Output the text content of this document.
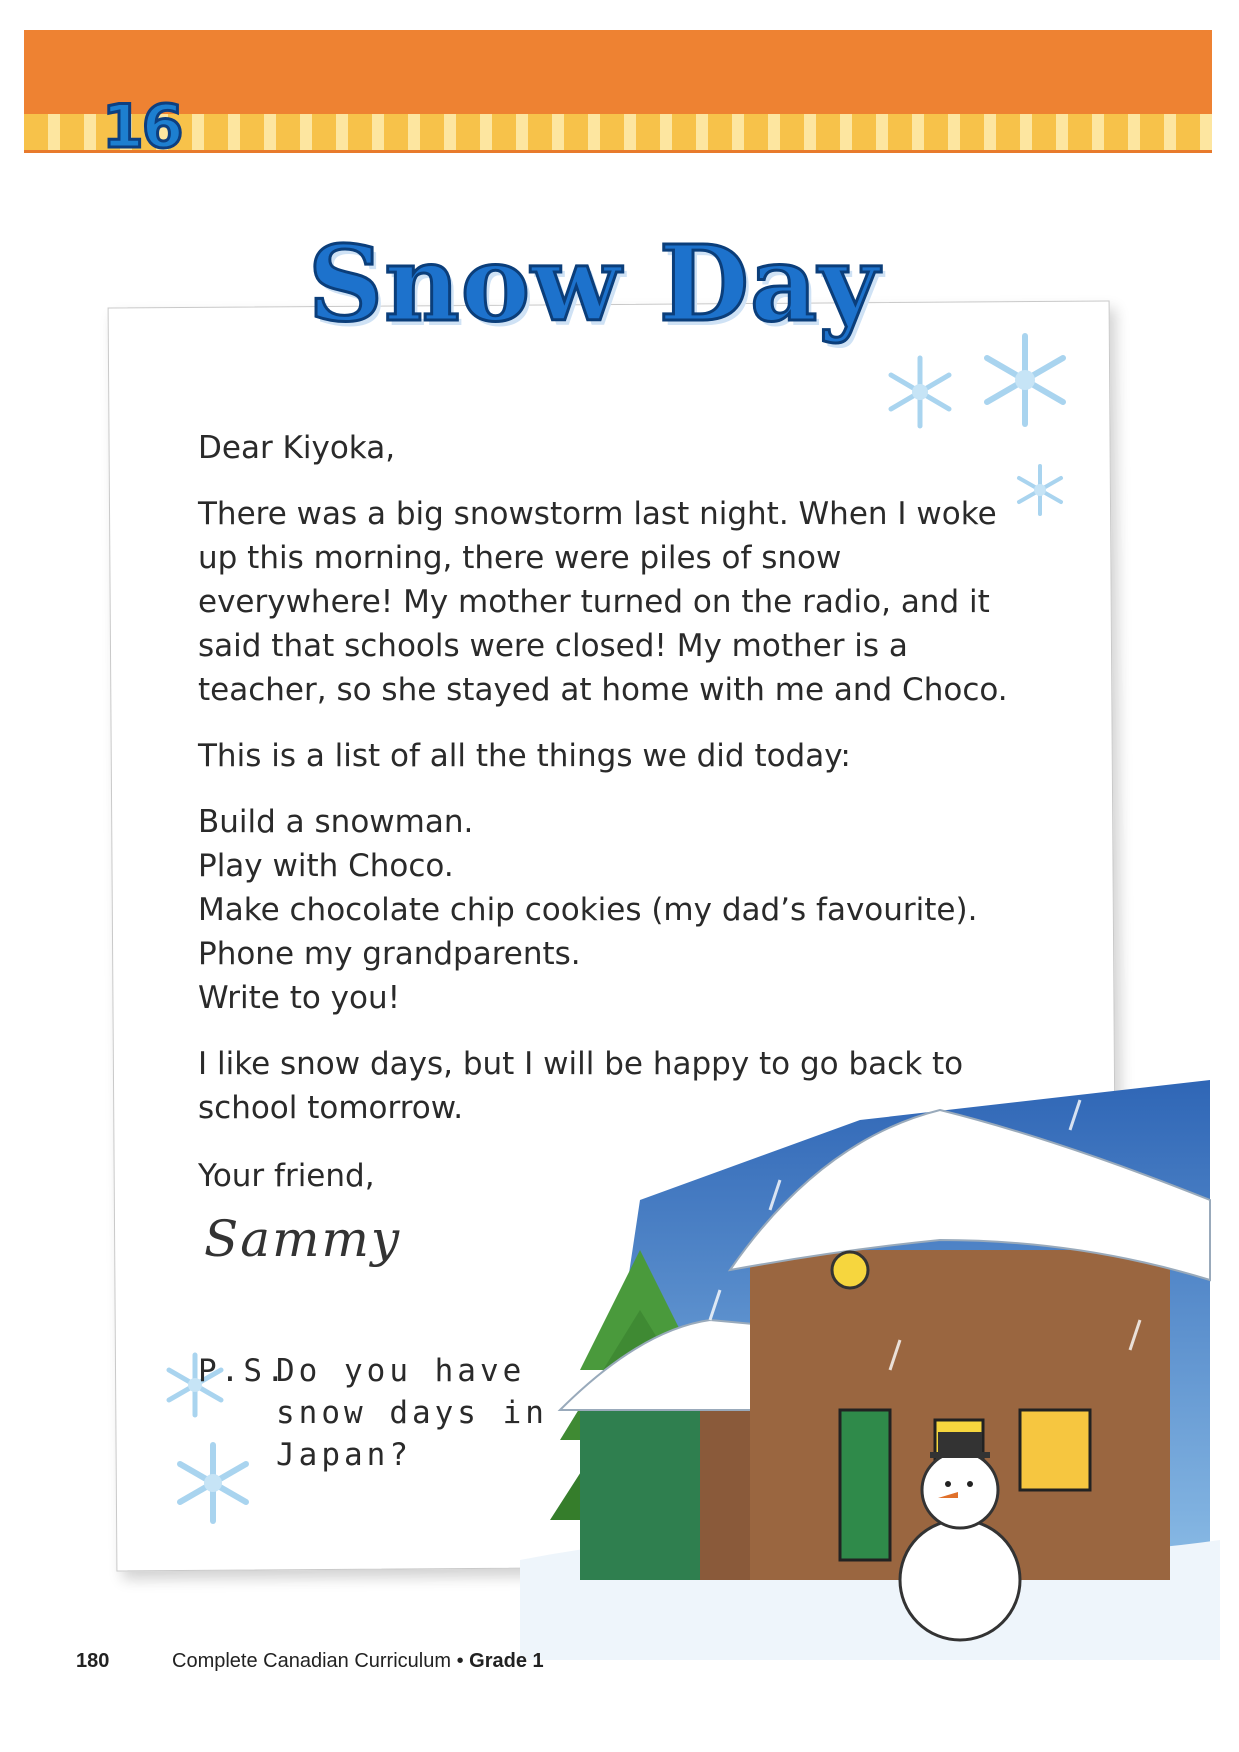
16
Snow Day

Dear Kiyoka,

There was a big snowstorm last night. When I woke up this morning, there were piles of snow everywhere! My mother turned on the radio, and it said that schools were closed! My mother is a teacher, so she stayed at home with me and Choco.

This is a list of all the things we did today:

Build a snowman.
Play with Choco.
Make chocolate chip cookies (my dad’s favourite).
Phone my grandparents.
Write to you!

I like snow days, but I will be happy to go back to school tomorrow.

Your friend,
Sammy
P.S.
Do you have snow days in Japan?
180	Complete Canadian Curriculum • Grade 1
